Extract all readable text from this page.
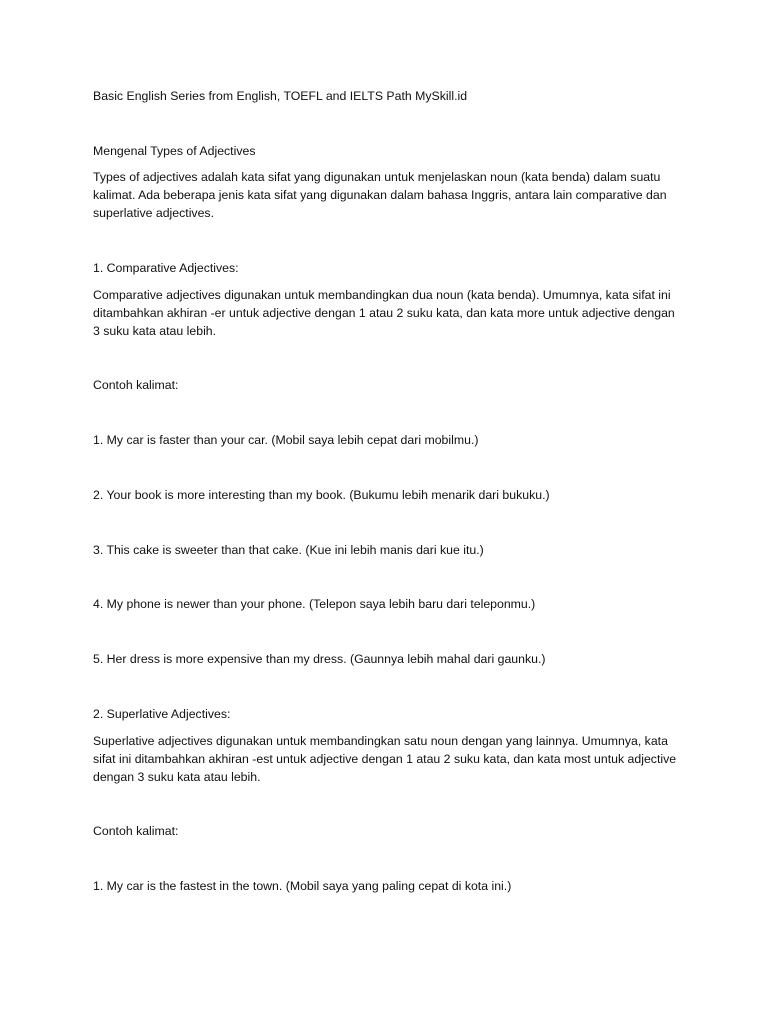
Basic English Series from English, TOEFL and IELTS Path MySkill.id

Mengenal Types of Adjectives

Types of adjectives adalah kata sifat yang digunakan untuk menjelaskan noun (kata benda) dalam suatu kalimat. Ada beberapa jenis kata sifat yang digunakan dalam bahasa Inggris, antara lain comparative dan superlative adjectives.

1. Comparative Adjectives:

Comparative adjectives digunakan untuk membandingkan dua noun (kata benda). Umumnya, kata sifat ini ditambahkan akhiran -er untuk adjective dengan 1 atau 2 suku kata, dan kata more untuk adjective dengan 3 suku kata atau lebih.

Contoh kalimat:

1. My car is faster than your car. (Mobil saya lebih cepat dari mobilmu.)

2. Your book is more interesting than my book. (Bukumu lebih menarik dari bukuku.)

3. This cake is sweeter than that cake. (Kue ini lebih manis dari kue itu.)

4. My phone is newer than your phone. (Telepon saya lebih baru dari teleponmu.)

5. Her dress is more expensive than my dress. (Gaunnya lebih mahal dari gaunku.)

2. Superlative Adjectives:

Superlative adjectives digunakan untuk membandingkan satu noun dengan yang lainnya. Umumnya, kata sifat ini ditambahkan akhiran -est untuk adjective dengan 1 atau 2 suku kata, dan kata most untuk adjective dengan 3 suku kata atau lebih.

Contoh kalimat:

1. My car is the fastest in the town. (Mobil saya yang paling cepat di kota ini.)
